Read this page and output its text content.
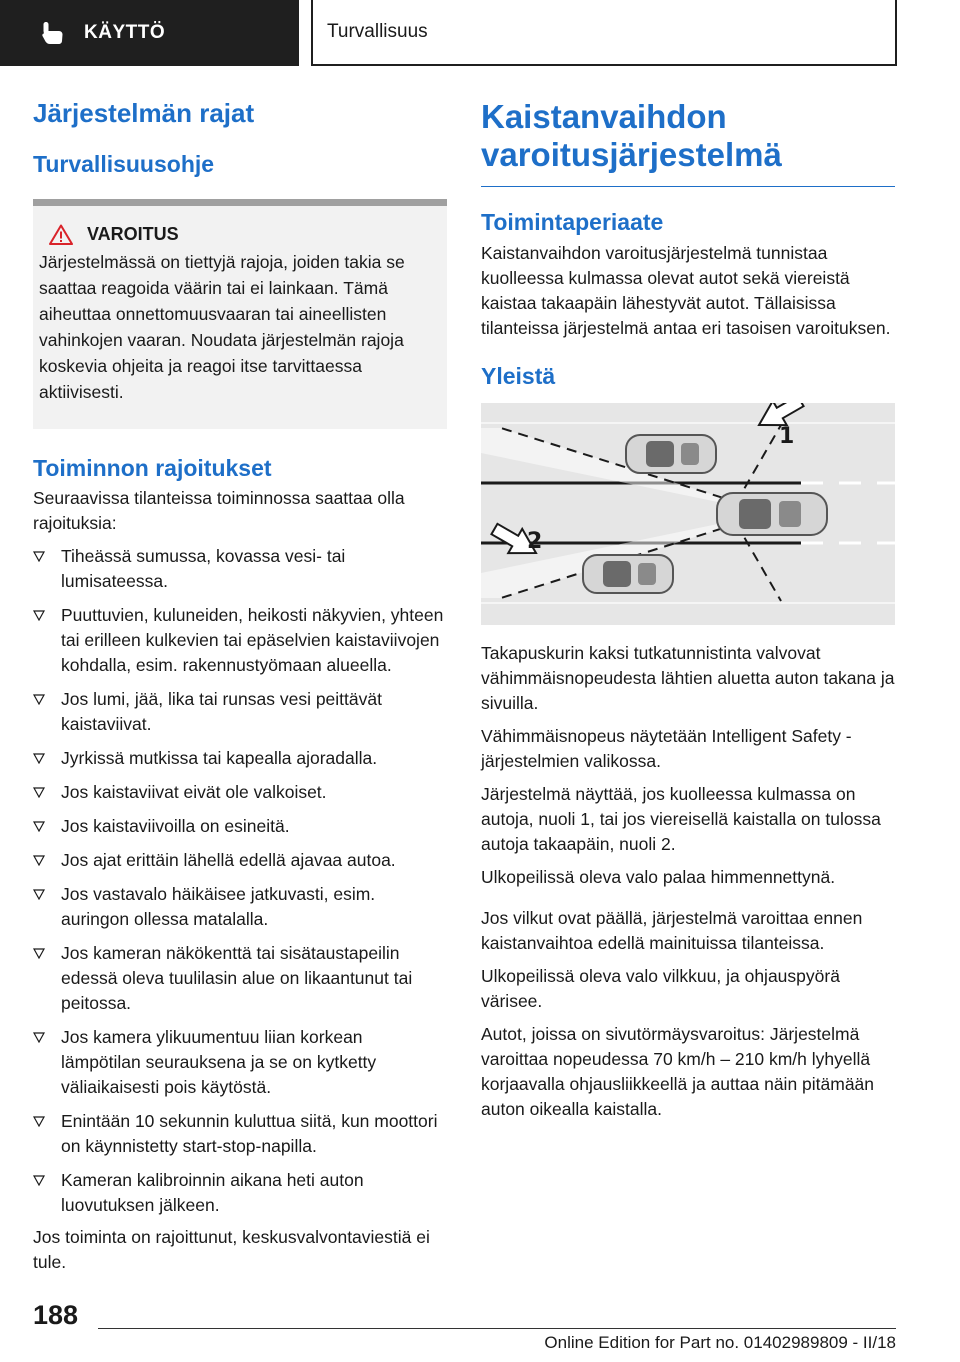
KÄYTTÖ	Turvallisuus
Järjestelmän rajat
Turvallisuusohje
VAROITUS
Järjestelmässä on tiettyjä rajoja, joiden takia se saattaa reagoida väärin tai ei lainkaan. Tämä aiheuttaa onnettomuusvaaran tai aineellisten vahinkojen vaaran. Noudata järjestelmän rajoja koskevia ohjeita ja reagoi itse tarvittaessa aktiivisesti.
Toiminnon rajoitukset

Seuraavissa tilanteissa toiminnossa saattaa olla rajoituksia:

Tiheässä sumussa, kovassa vesi- tai lumisateessa.
Puuttuvien, kuluneiden, heikosti näkyvien, yhteen tai erilleen kulkevien tai epäselvien kaistaviivojen kohdalla, esim. rakennustyömaan alueella.
Jos lumi, jää, lika tai runsas vesi peittävät kaistaviivat.
Jyrkissä mutkissa tai kapealla ajoradalla.
Jos kaistaviivat eivät ole valkoiset.
Jos kaistaviivoilla on esineitä.
Jos ajat erittäin lähellä edellä ajavaa autoa.
Jos vastavalo häikäisee jatkuvasti, esim. auringon ollessa matalalla.
Jos kameran näkökenttä tai sisätaustapeilin edessä oleva tuulilasin alue on likaantunut tai peitossa.
Jos kamera ylikuumentuu liian korkean lämpötilan seurauksena ja se on kytketty väliaikaisesti pois käytöstä.
Enintään 10 sekunnin kuluttua siitä, kun moottori on käynnistetty start-stop-napilla.
Kameran kalibroinnin aikana heti auton luovutuksen jälkeen.

Jos toiminta on rajoittunut, keskusvalvontaviestiä ei tule.

Kaistanvaihdon varoitusjärjestelmä
Toimintaperiaate

Kaistanvaihdon varoitusjärjestelmä tunnistaa kuolleessa kulmassa olevat autot sekä viereistä kaistaa takaapäin lähestyvät autot. Tällaisissa tilanteissa järjestelmä antaa eri tasoisen varoituksen.

Yleistä
1
2

Takapuskurin kaksi tutkatunnistinta valvovat vähimmäisnopeudesta lähtien aluetta auton takana ja sivuilla.

Vähimmäisnopeus näytetään Intelligent Safety -järjestelmien valikossa.

Järjestelmä näyttää, jos kuolleessa kulmassa on autoja, nuoli 1, tai jos viereisellä kaistalla on tulossa autoja takaapäin, nuoli 2.

Ulkopeilissä oleva valo palaa himmennettynä.

Jos vilkut ovat päällä, järjestelmä varoittaa ennen kaistanvaihtoa edellä mainituissa tilanteissa.

Ulkopeilissä oleva valo vilkkuu, ja ohjauspyörä värisee.

Autot, joissa on sivutörmäysvaroitus: Järjestelmä varoittaa nopeudessa 70 km/h – 210 km/h lyhyellä korjaavalla ohjausliikkeellä ja auttaa näin pitämään auton oikealla kaistalla.

188
Online Edition for Part no. 01402989809 - II/18
